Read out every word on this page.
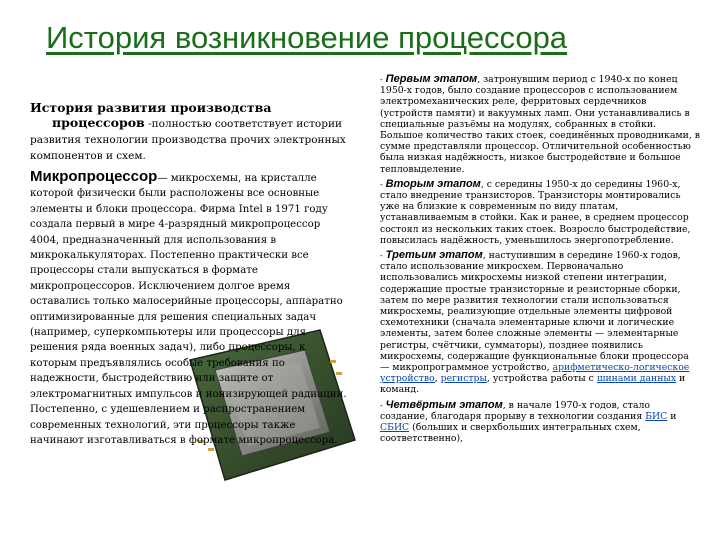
История возникновение процессора
История развития производства
процессоров -полностью соответствует истории развития технологии производства прочих электронных компонентов и схем.
Микропроцессор— микросхемы, на кристалле которой физически были расположены все основные элементы и блоки процессора. Фирма Intel в 1971 году создала первый в мире 4-разрядный микропроцессор 4004, предназначенный для использования в микрокалькуляторах. Постепенно практически все процессоры стали выпускаться в формате микропроцессоров. Исключением долгое время оставались только малосерийные процессоры, аппаратно оптимизированные для решения специальных задач (например, суперкомпьютеры или процессоры для решения ряда военных задач), либо процессоры, к которым предъявлялись особые требования по надежности, быстродействию или защите от электромагнитных импульсов и ионизирующей радиации. Постепенно, с удешевлением и распространением современных технологий, эти процессоры также начинают изготавливаться в формате микропроцессора.
- Первым этапом, затронувшим период с 1940-х по конец 1950-х годов, было создание процессоров с использованием электромеханических реле, ферритовых сердечников (устройств памяти) и вакуумных ламп. Они устанавливались в специальные разъёмы на модулях, собранных в стойки. Большое количество таких стоек, соединённых проводниками, в сумме представляли процессор. Отличительной особенностью была низкая надёжность, низкое быстродействие и большое тепловыделение.
- Вторым этапом, с середины 1950-х до середины 1960-х, стало внедрение транзисторов. Транзисторы монтировались уже на близкие к современным по виду платам, устанавливаемым в стойки. Как и ранее, в среднем процессор состоял из нескольких таких стоек. Возросло быстродействие, повысилась надёжность, уменьшилось энергопотребление.
- Третьим этапом, наступившим в середине 1960-х годов, стало использование микросхем. Первоначально использовались микросхемы низкой степени интеграции, содержащие простые транзисторные и резисторные сборки, затем по мере развития технологии стали использоваться микросхемы, реализующие отдельные элементы цифровой схемотехники (сначала элементарные ключи и логические элементы, затем более сложные элементы — элементарные регистры, счётчики, сумматоры), позднее появились микросхемы, содержащие функциональные блоки процессора — микропрограммное устройство, арифметическо-логическое устройство, регистры, устройства работы с шинами данных и команд.
- Четвёртым этапом, в начале 1970-х годов, стало создание, благодаря прорыву в технологии создания БИС и СБИС (больших и сверхбольших интегральных схем, соответственно),
